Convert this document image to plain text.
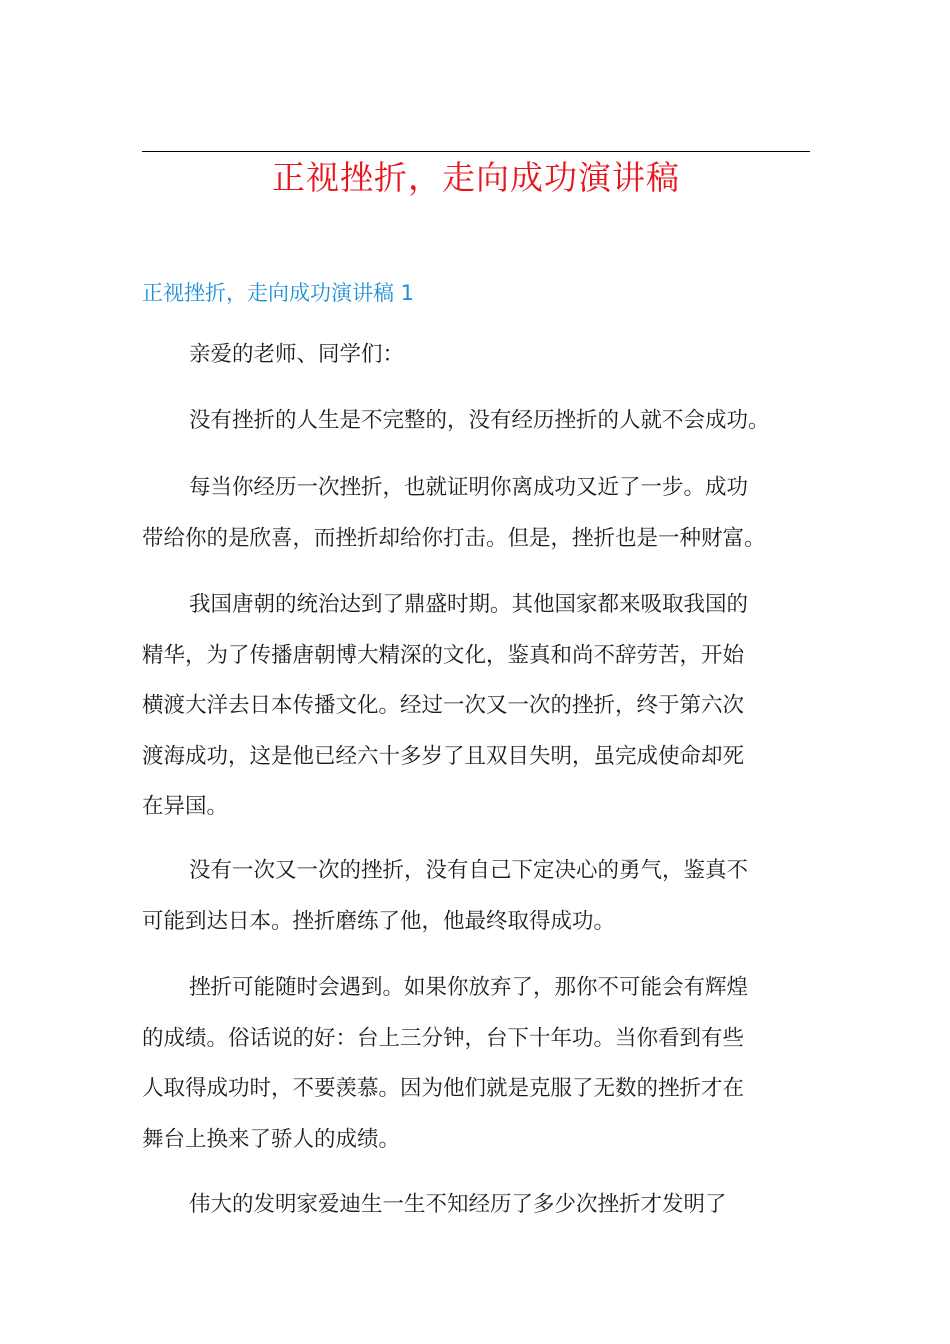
正视挫折，走向成功演讲稿
正视挫折，走向成功演讲稿 1
亲爱的老师、同学们：
没有挫折的人生是不完整的，没有经历挫折的人就不会成功。
每当你经历一次挫折，也就证明你离成功又近了一步。成功
带给你的是欣喜，而挫折却给你打击。但是，挫折也是一种财富。
我国唐朝的统治达到了鼎盛时期。其他国家都来吸取我国的
精华，为了传播唐朝博大精深的文化，鉴真和尚不辞劳苦，开始
横渡大洋去日本传播文化。经过一次又一次的挫折，终于第六次
渡海成功，这是他已经六十多岁了且双目失明，虽完成使命却死
在异国。
没有一次又一次的挫折，没有自己下定决心的勇气，鉴真不
可能到达日本。挫折磨练了他，他最终取得成功。
挫折可能随时会遇到。如果你放弃了，那你不可能会有辉煌
的成绩。俗话说的好：台上三分钟，台下十年功。当你看到有些
人取得成功时，不要羡慕。因为他们就是克服了无数的挫折才在
舞台上换来了骄人的成绩。
伟大的发明家爱迪生一生不知经历了多少次挫折才发明了
